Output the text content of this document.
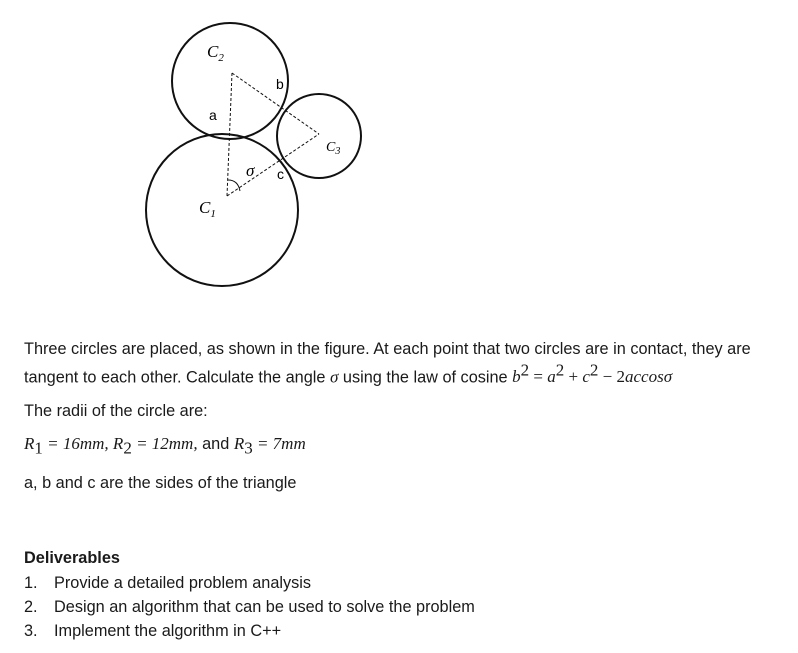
$C_2$
$C_1$
$C_3$
a
b
c
σ
Three circles are placed, as shown in the figure. At each point that two circles are in contact, they are
tangent to each other. Calculate the angle σ using the law of cosine $b^2 = a^2 + c^2 - 2accos\sigma$
The radii of the circle are:
$R_1 = 16mm$, $R_2 = 12mm$, and $R_3 = 7mm$
a, b and c are the sides of the triangle
Deliverables
1. Provide a detailed problem analysis
2. Design an algorithm that can be used to solve the problem
3. Implement the algorithm in C++
